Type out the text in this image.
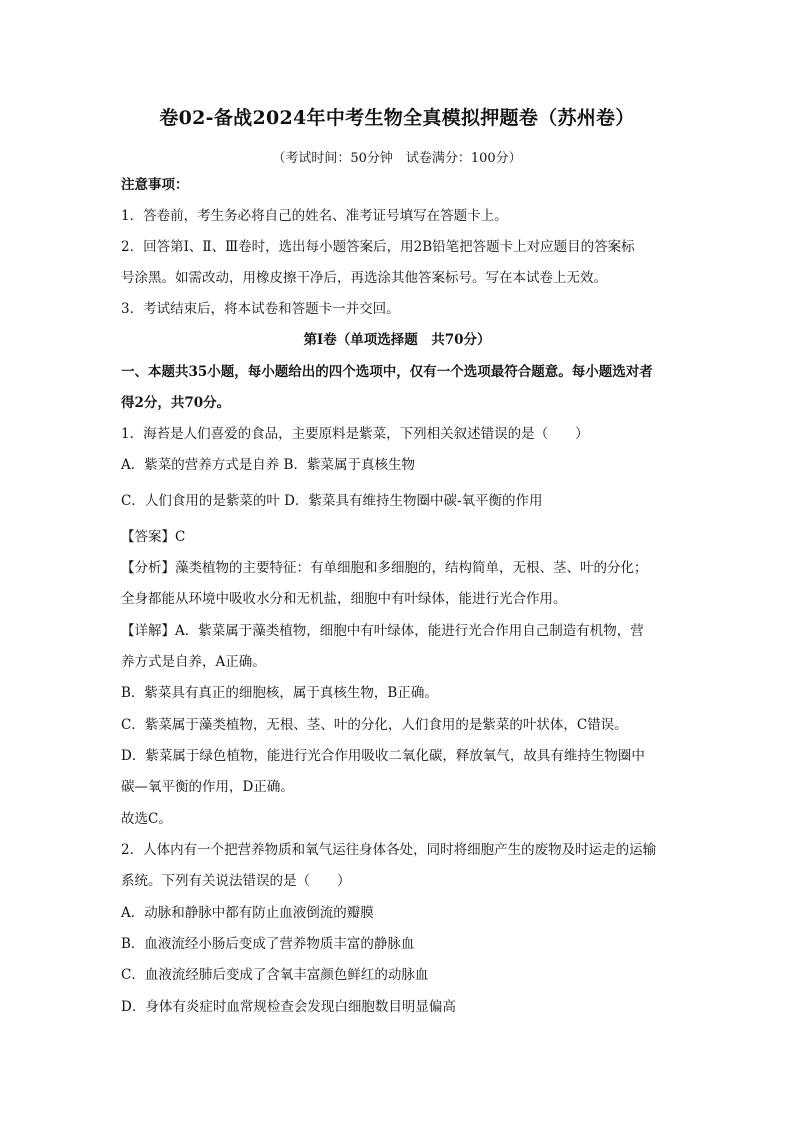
卷02-备战2024年中考生物全真模拟押题卷（苏州卷）
（考试时间：50分钟　试卷满分：100分）
注意事项：
1．答卷前，考生务必将自己的姓名、准考证号填写在答题卡上。
2．回答第Ⅰ、Ⅱ、Ⅲ卷时，选出每小题答案后，用2B铅笔把答题卡上对应题目的答案标
号涂黑。如需改动，用橡皮擦干净后，再选涂其他答案标号。写在本试卷上无效。
3．考试结束后，将本试卷和答题卡一并交回。
第Ⅰ卷（单项选择题　共70分）
一、本题共35小题，每小题给出的四个选项中，仅有一个选项最符合题意。每小题选对者
得2分，共70分。
1．海苔是人们喜爱的食品，主要原料是紫菜，下列相关叙述错误的是（　　）
A．紫菜的营养方式是自养 B．紫菜属于真核生物
C．人们食用的是紫菜的叶 D．紫菜具有维持生物圈中碳-氧平衡的作用
【答案】C
【分析】藻类植物的主要特征：有单细胞和多细胞的，结构简单，无根、茎、叶的分化；
全身都能从环境中吸收水分和无机盐，细胞中有叶绿体，能进行光合作用。
【详解】A．紫菜属于藻类植物，细胞中有叶绿体，能进行光合作用自己制造有机物，营
养方式是自养，A正确。
B．紫菜具有真正的细胞核，属于真核生物，B正确。
C．紫菜属于藻类植物，无根、茎、叶的分化，人们食用的是紫菜的叶状体，C错误。
D．紫菜属于绿色植物，能进行光合作用吸收二氧化碳，释放氧气，故具有维持生物圈中
碳—氧平衡的作用，D正确。
故选C。
2．人体内有一个把营养物质和氧气运往身体各处，同时将细胞产生的废物及时运走的运输
系统。下列有关说法错误的是（　　）
A．动脉和静脉中都有防止血液倒流的瓣膜
B．血液流经小肠后变成了营养物质丰富的静脉血
C．血液流经肺后变成了含氧丰富颜色鲜红的动脉血
D．身体有炎症时血常规检查会发现白细胞数目明显偏高
